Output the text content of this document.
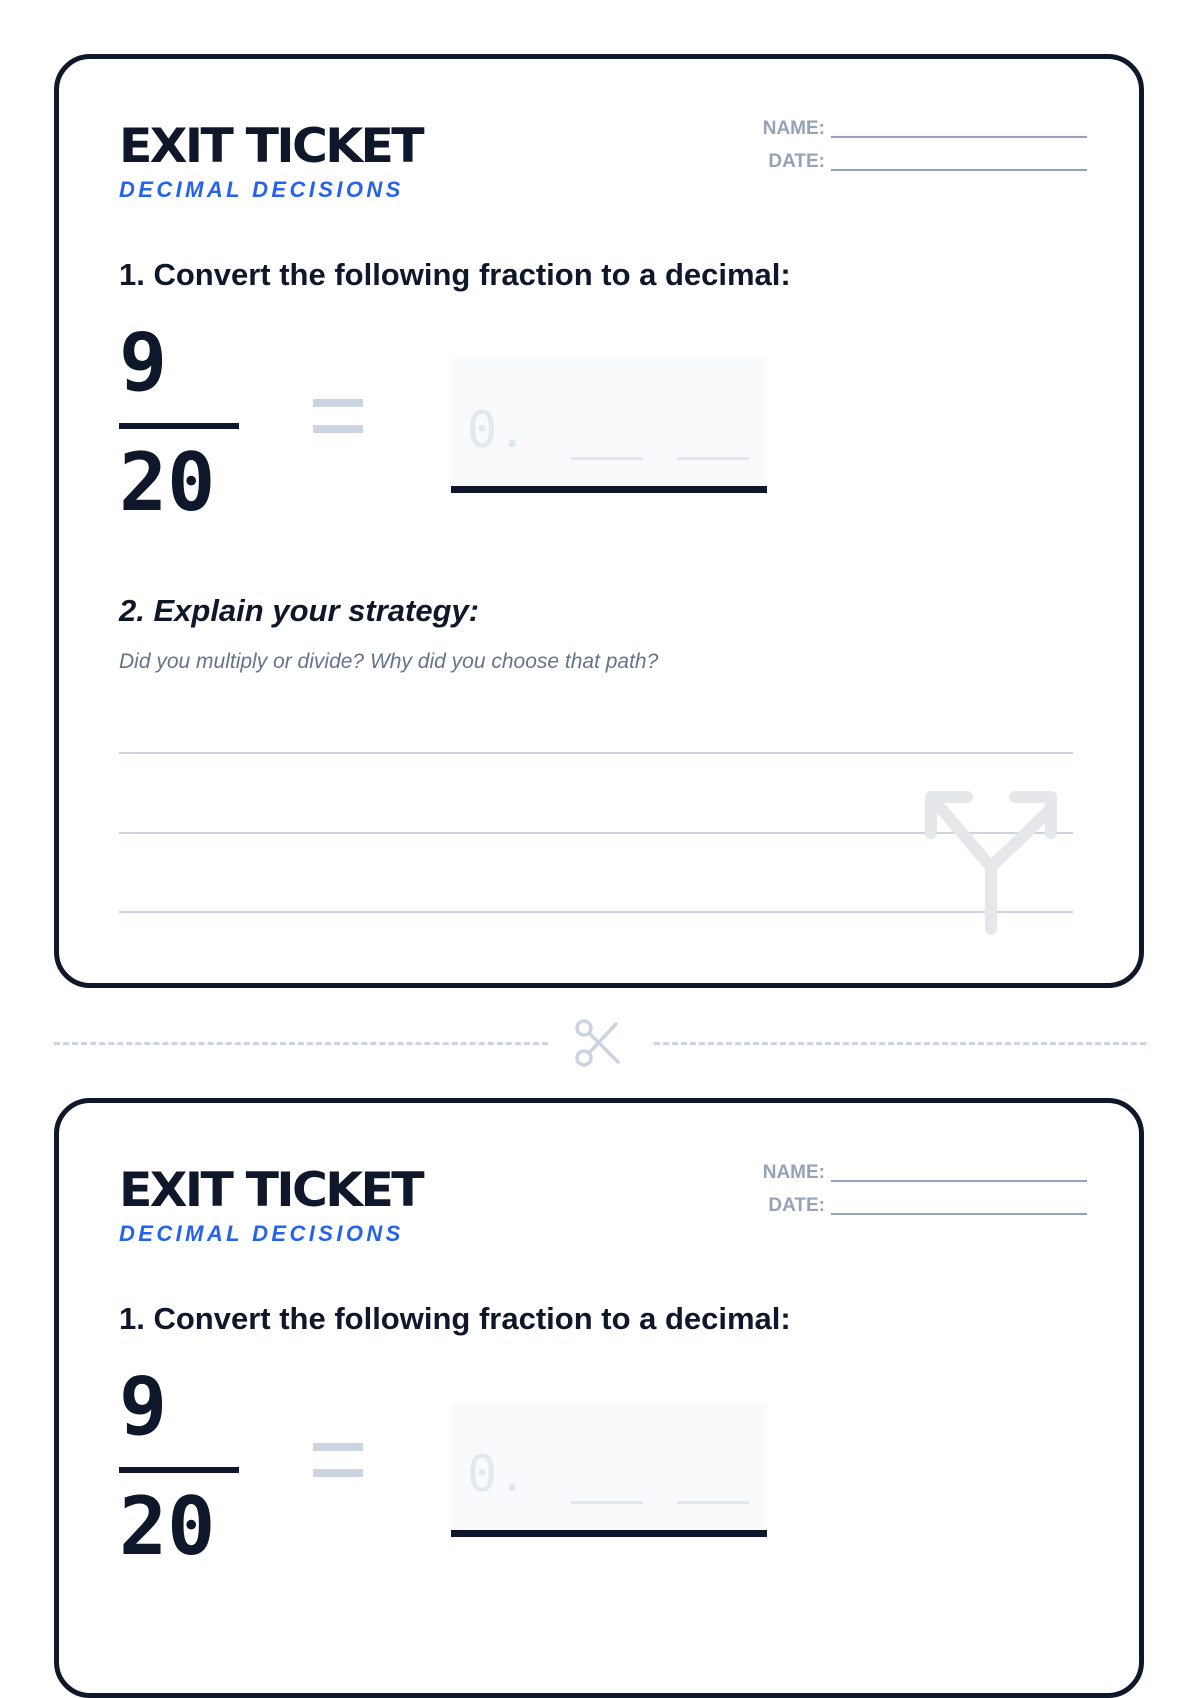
EXIT TICKET
DECIMAL DECISIONS
NAME:
DATE:
1. Convert the following fraction to a decimal:
9
20
0.
2. Explain your strategy:
Did you multiply or divide? Why did you choose that path?
EXIT TICKET
DECIMAL DECISIONS
NAME:
DATE:
1. Convert the following fraction to a decimal:
9
20
0.
